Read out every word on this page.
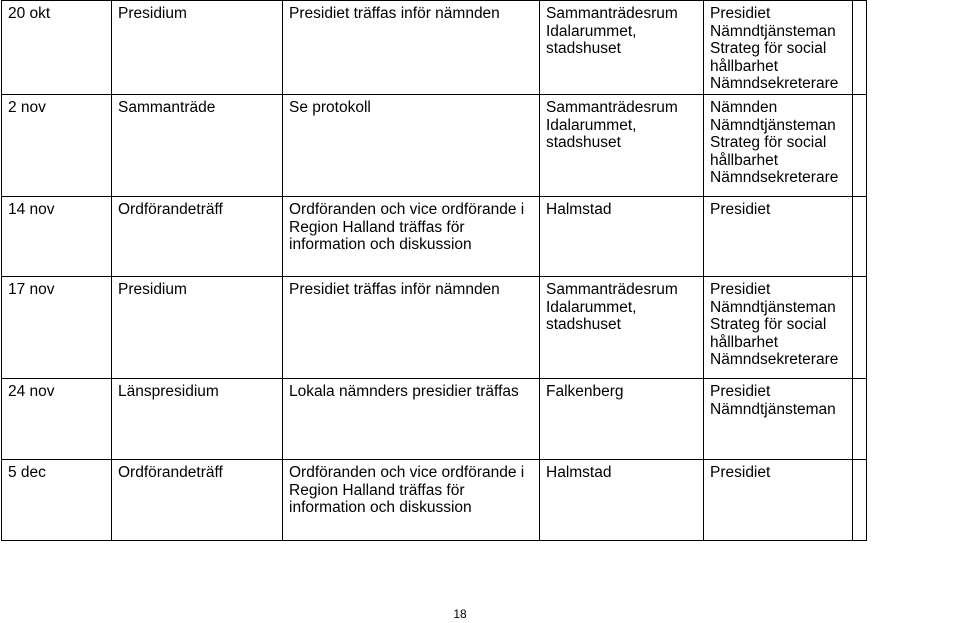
20 okt	Presidium	Presidiet träffas inför nämnden	Sammanträdesrum
Idalarummet,
stadshuset	Presidiet
Nämndtjänsteman
Strateg för social
hållbarhet
Nämndsekreterare	
2 nov	Sammanträde	Se protokoll	Sammanträdesrum
Idalarummet,
stadshuset	Nämnden
Nämndtjänsteman
Strateg för social
hållbarhet
Nämndsekreterare	
14 nov	Ordförandeträff	Ordföranden och vice ordförande i
Region Halland träffas för
information och diskussion	Halmstad	Presidiet	
17 nov	Presidium	Presidiet träffas inför nämnden	Sammanträdesrum
Idalarummet,
stadshuset	Presidiet
Nämndtjänsteman
Strateg för social
hållbarhet
Nämndsekreterare	
24 nov	Länspresidium	Lokala nämnders presidier träffas	Falkenberg	Presidiet
Nämndtjänsteman	
5 dec	Ordförandeträff	Ordföranden och vice ordförande i
Region Halland träffas för
information och diskussion	Halmstad	Presidiet	
18
